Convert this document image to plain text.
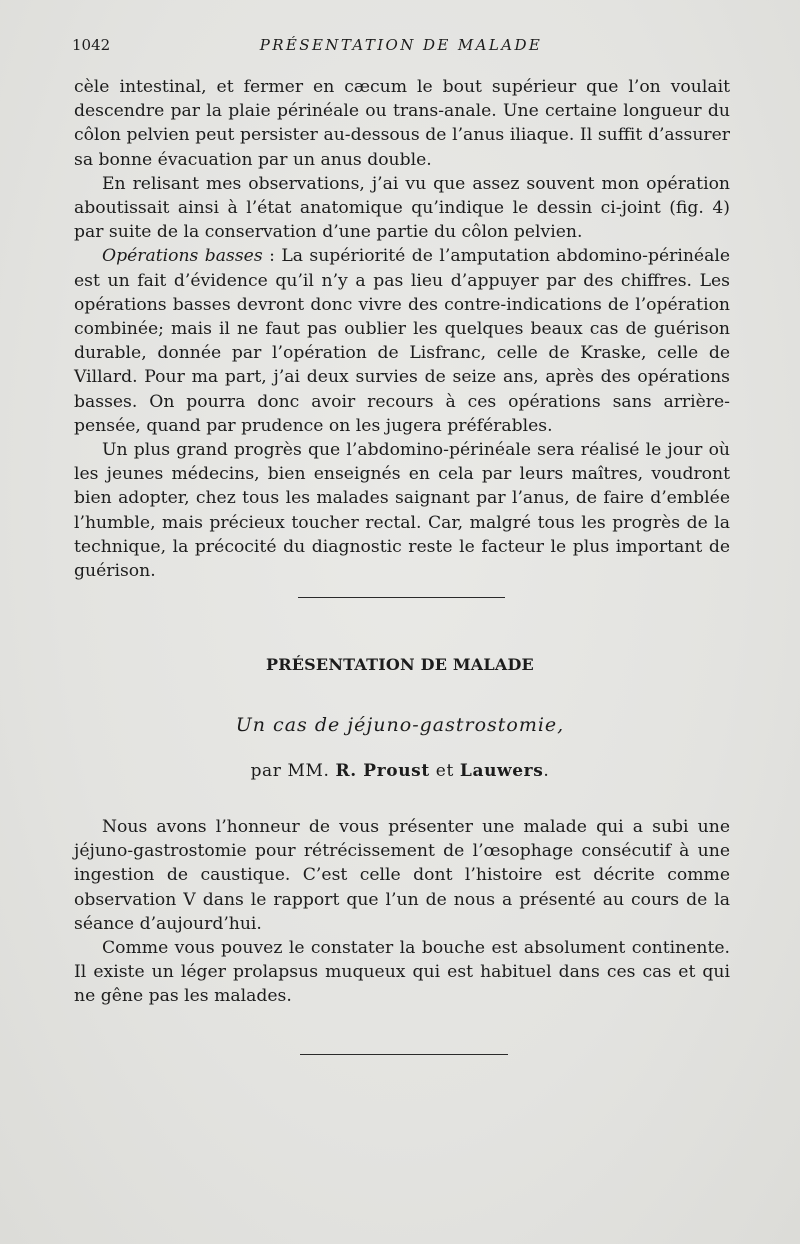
1042	PRÉSENTATION DE MALADE

cèle intestinal, et fermer en cæcum le bout supérieur que l’on voulait descendre par la plaie périnéale ou trans-anale. Une certaine longueur du côlon pelvien peut persister au-dessous de l’anus iliaque. Il suffit d’assurer sa bonne évacuation par un anus double.

En relisant mes observations, j’ai vu que assez souvent mon opération aboutissait ainsi à l’état anatomique qu’indique le dessin ci-joint (fig. 4) par suite de la conservation d’une partie du côlon pelvien.

Opérations basses : La supériorité de l’amputation abdomino-périnéale est un fait d’évidence qu’il n’y a pas lieu d’appuyer par des chiffres. Les opérations basses devront donc vivre des contre-indications de l’opération combinée; mais il ne faut pas oublier les quelques beaux cas de guérison durable, donnée par l’opération de Lisfranc, celle de Kraske, celle de Villard. Pour ma part, j’ai deux survies de seize ans, après des opérations basses. On pourra donc avoir recours à ces opérations sans arrière-pensée, quand par prudence on les jugera préférables.

Un plus grand progrès que l’abdomino-périnéale sera réalisé le jour où les jeunes médecins, bien enseignés en cela par leurs maîtres, voudront bien adopter, chez tous les malades saignant par l’anus, de faire d’emblée l’humble, mais précieux toucher rectal. Car, malgré tous les progrès de la technique, la précocité du diagnostic reste le facteur le plus important de guérison.

PRÉSENTATION DE MALADE
Un cas de jéjuno-gastrostomie,
par MM. R. Proust et Lauwers.

Nous avons l’honneur de vous présenter une malade qui a subi une jéjuno-gastrostomie pour rétrécissement de l’œsophage consécutif à une ingestion de caustique. C’est celle dont l’histoire est décrite comme observation V dans le rapport que l’un de nous a présenté au cours de la séance d’aujourd’hui.

Comme vous pouvez le constater la bouche est absolument continente. Il existe un léger prolapsus muqueux qui est habituel dans ces cas et qui ne gêne pas les malades.
